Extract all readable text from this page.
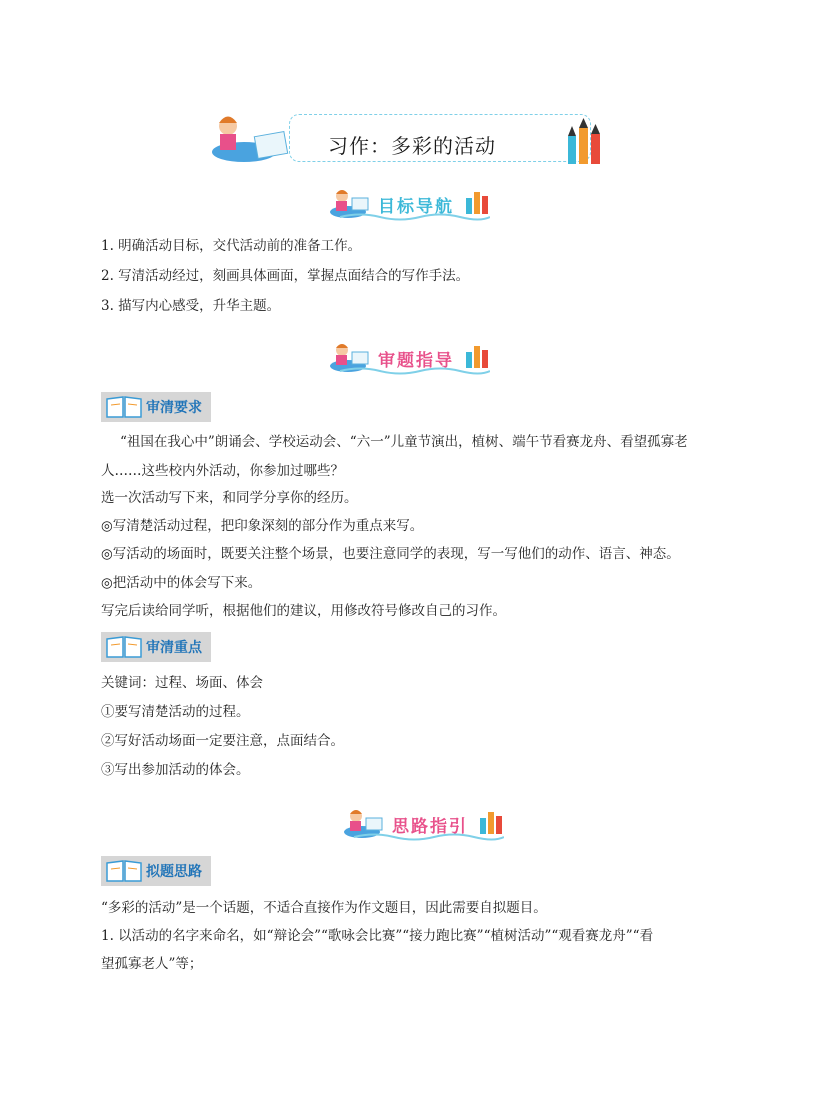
习作：多彩的活动
目标导航
1. 明确活动目标，交代活动前的准备工作。
2. 写清活动经过，刻画具体画面，掌握点面结合的写作手法。
3. 描写内心感受，升华主题。
审题指导
审清要求
“祖国在我心中”朗诵会、学校运动会、“六一”儿童节演出，植树、端午节看赛龙舟、看望孤寡老
人……这些校内外活动，你参加过哪些？
选一次活动写下来，和同学分享你的经历。
◎写清楚活动过程，把印象深刻的部分作为重点来写。
◎写活动的场面时，既要关注整个场景，也要注意同学的表现，写一写他们的动作、语言、神态。
◎把活动中的体会写下来。
写完后读给同学听，根据他们的建议，用修改符号修改自己的习作。
审清重点
关键词：过程、场面、体会
①要写清楚活动的过程。
②写好活动场面一定要注意，点面结合。
③写出参加活动的体会。
思路指引
拟题思路
“多彩的活动”是一个话题，不适合直接作为作文题目，因此需要自拟题目。
1. 以活动的名字来命名，如“辩论会”“歌咏会比赛”“接力跑比赛”“植树活动”“观看赛龙舟”“看
望孤寡老人”等；
